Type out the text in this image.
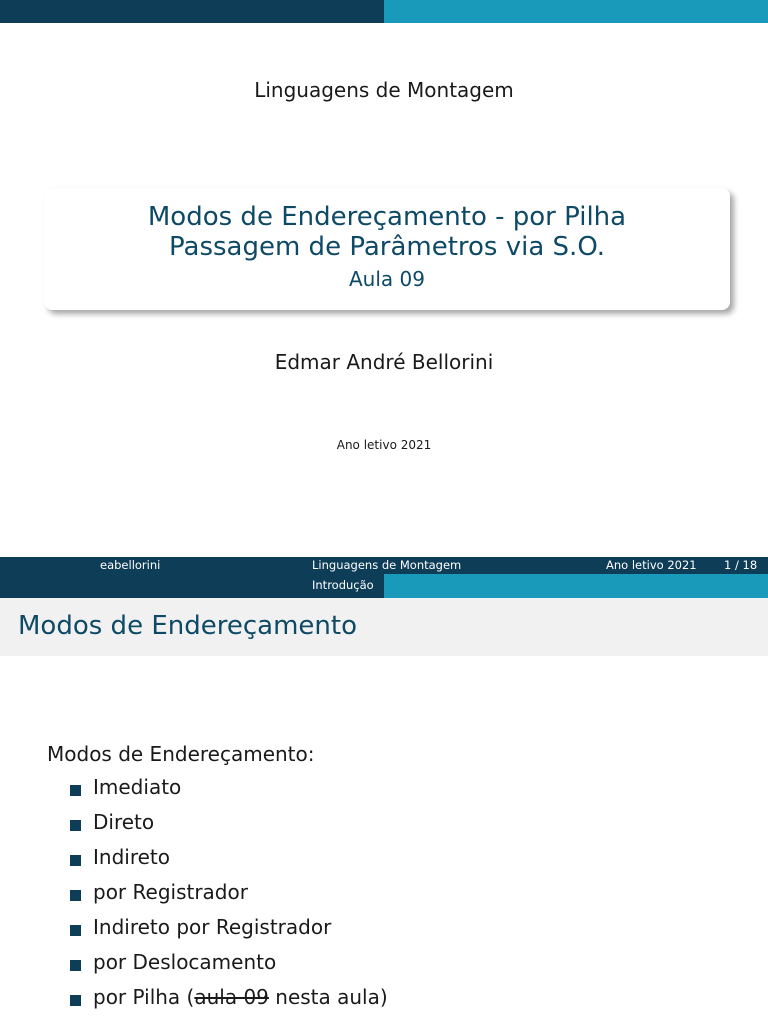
Linguagens de Montagem
Modos de Endereçamento - por Pilha
Passagem de Parâmetros via S.O.
Aula 09
Edmar André Bellorini
Ano letivo 2021
eabellorini	Linguagens de Montagem	Ano letivo 2021 1 / 18
Introdução
Modos de Endereçamento
Modos de Endereçamento:
Imediato
Direto
Indireto
por Registrador
Indireto por Registrador
por Deslocamento
por Pilha (aula 09 nesta aula)
